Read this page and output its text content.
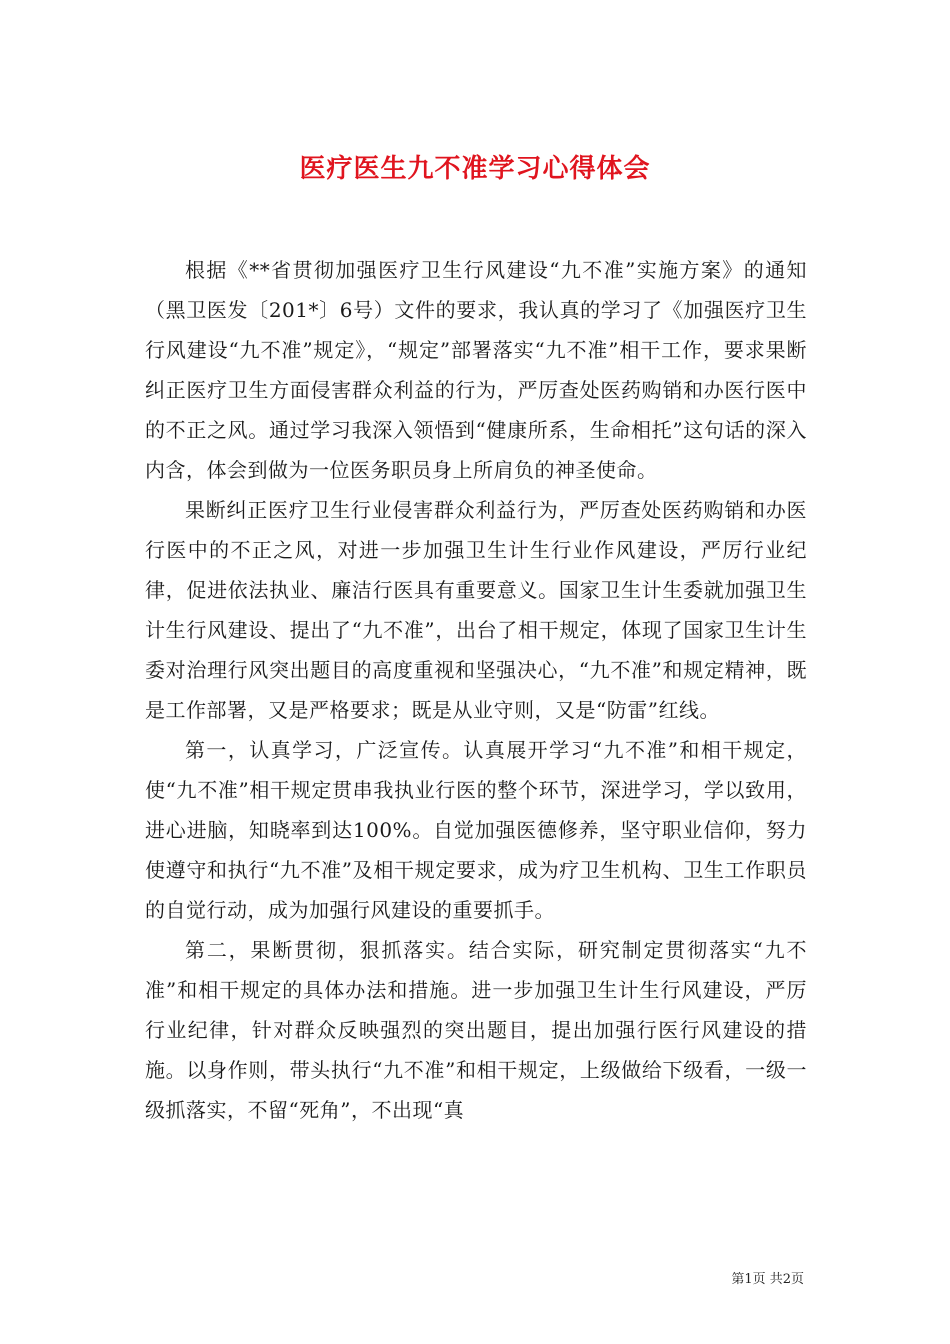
医疗医生九不准学习心得体会

根据《**省贯彻加强医疗卫生行风建设“九不准”实施方案》的通知（黑卫医发〔201*〕6号）文件的要求，我认真的学习了《加强医疗卫生行风建设“九不准”规定》，“规定”部署落实“九不准”相干工作，要求果断纠正医疗卫生方面侵害群众利益的行为，严厉查处医药购销和办医行医中的不正之风。通过学习我深入领悟到“健康所系，生命相托”这句话的深入内含，体会到做为一位医务职员身上所肩负的神圣使命。

果断纠正医疗卫生行业侵害群众利益行为，严厉查处医药购销和办医行医中的不正之风，对进一步加强卫生计生行业作风建设，严厉行业纪律，促进依法执业、廉洁行医具有重要意义。国家卫生计生委就加强卫生计生行风建设、提出了“九不准”，出台了相干规定，体现了国家卫生计生委对治理行风突出题目的高度重视和坚强决心，“九不准”和规定精神，既是工作部署，又是严格要求；既是从业守则，又是“防雷”红线。

第一，认真学习，广泛宣传。认真展开学习“九不准”和相干规定，使“九不准”相干规定贯串我执业行医的整个环节，深进学习，学以致用，进心进脑，知晓率到达100%。自觉加强医德修养，坚守职业信仰，努力使遵守和执行“九不准”及相干规定要求，成为疗卫生机构、卫生工作职员的自觉行动，成为加强行风建设的重要抓手。

第二，果断贯彻，狠抓落实。结合实际，研究制定贯彻落实“九不准”和相干规定的具体办法和措施。进一步加强卫生计生行风建设，严厉行业纪律，针对群众反映强烈的突出题目，提出加强行医行风建设的措施。以身作则，带头执行“九不准”和相干规定，上级做给下级看，一级一级抓落实，不留“死角”，不出现“真

第1页 共2页
